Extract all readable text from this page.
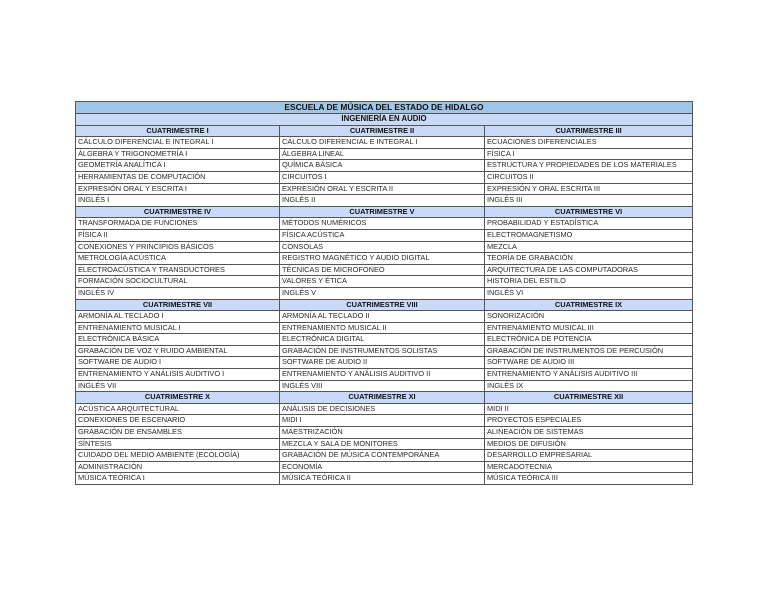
ESCUELA DE MÚSICA DEL ESTADO DE HIDALGO		
INGENIERÍA EN AUDIO		
CUATRIMESTRE I	CUATRIMESTRE II	CUATRIMESTRE III
CÁLCULO DIFERENCIAL E INTEGRAL I	CÁLCULO DIFERENCIAL E INTEGRAL I	ECUACIONES DIFERENCIALES
ÁLGEBRA Y TRIGONOMETRÍA I	ÁLGEBRA LINEAL	FÍSICA I
GEOMETRÍA ANALÍTICA I	QUÍMICA BÁSICA	ESTRUCTURA Y PROPIEDADES DE LOS MATERIALES
HERRAMIENTAS DE COMPUTACIÓN	CIRCUITOS I	CIRCUITOS II
EXPRESIÓN ORAL Y ESCRITA I	EXPRESIÓN ORAL Y ESCRITA II	EXPRESIÓN Y ORAL ESCRITA III
INGLÉS I	INGLÉS II	INGLÉS III
CUATRIMESTRE IV	CUATRIMESTRE V	CUATRIMESTRE VI
TRANSFORMADA DE FUNCIONES	MÉTODOS NUMÉRICOS	PROBABILIDAD Y ESTADÍSTICA
FÍSICA II	FÍSICA ACÚSTICA	ELECTROMAGNETISMO
CONEXIONES Y PRINCIPIOS BÁSICOS	CONSOLAS	MEZCLA
METROLOGÍA ACÚSTICA	REGISTRO MAGNÉTICO Y AUDIO DIGITAL	TEORÍA DE GRABACIÓN
ELECTROACÚSTICA Y TRANSDUCTORES	TÉCNICAS DE MICROFONEO	ARQUITECTURA DE LAS COMPUTADORAS
FORMACIÓN SOCIOCULTURAL	VALORES Y ÉTICA	HISTORIA DEL ESTILO
INGLÉS IV	INGLÉS V	INGLÉS VI
CUATRIMESTRE VII	CUATRIMESTRE VIII	CUATRIMESTRE IX
ARMONÍA AL TECLADO I	ARMONÍA AL TECLADO II	SONORIZACIÓN
ENTRENAMIENTO MUSICAL I	ENTRENAMIENTO MUSICAL II	ENTRENAMIENTO MUSICAL III
ELECTRÓNICA BÁSICA	ELECTRÓNICA DIGITAL	ELECTRÓNICA DE POTENCIA
GRABACIÓN DE VOZ Y RUIDO AMBIENTAL	GRABACIÓN DE INSTRUMENTOS SOLISTAS	GRABACIÓN DE INSTRUMENTOS DE PERCUSIÓN
SOFTWARE DE AUDIO I	SOFTWARE DE AUDIO II	SOFTWARE DE AUDIO III
ENTRENAMIENTO Y ANÁLISIS AUDITIVO I	ENTRENAMIENTO Y ANÁLISIS AUDITIVO II	ENTRENAMIENTO Y ANÁLISIS AUDITIVO III
INGLÉS VII	INGLÉS VIII	INGLÉS IX
CUATRIMESTRE X	CUATRIMESTRE XI	CUATRIMESTRE XII
ACÚSTICA ARQUITECTURAL	ANÁLISIS DE DECISIONES	MIDI II
CONEXIONES DE ESCENARIO	MIDI I	PROYECTOS ESPECIALES
GRABACIÓN DE ENSAMBLES	MAESTRIZACIÓN	ALINEACIÓN DE SISTEMAS
SÍNTESIS	MEZCLA Y SALA DE MONITORES	MEDIOS DE DIFUSIÓN
CUIDADO DEL MEDIO AMBIENTE (ECOLOGÍA)	GRABACIÓN DE MÚSICA CONTEMPORÁNEA	DESARROLLO EMPRESARIAL
ADMINISTRACIÓN	ECONOMÍA	MERCADOTECNIA
MÚSICA TEÓRICA I	MÚSICA TEÓRICA II	MÚSICA TEÓRICA III
